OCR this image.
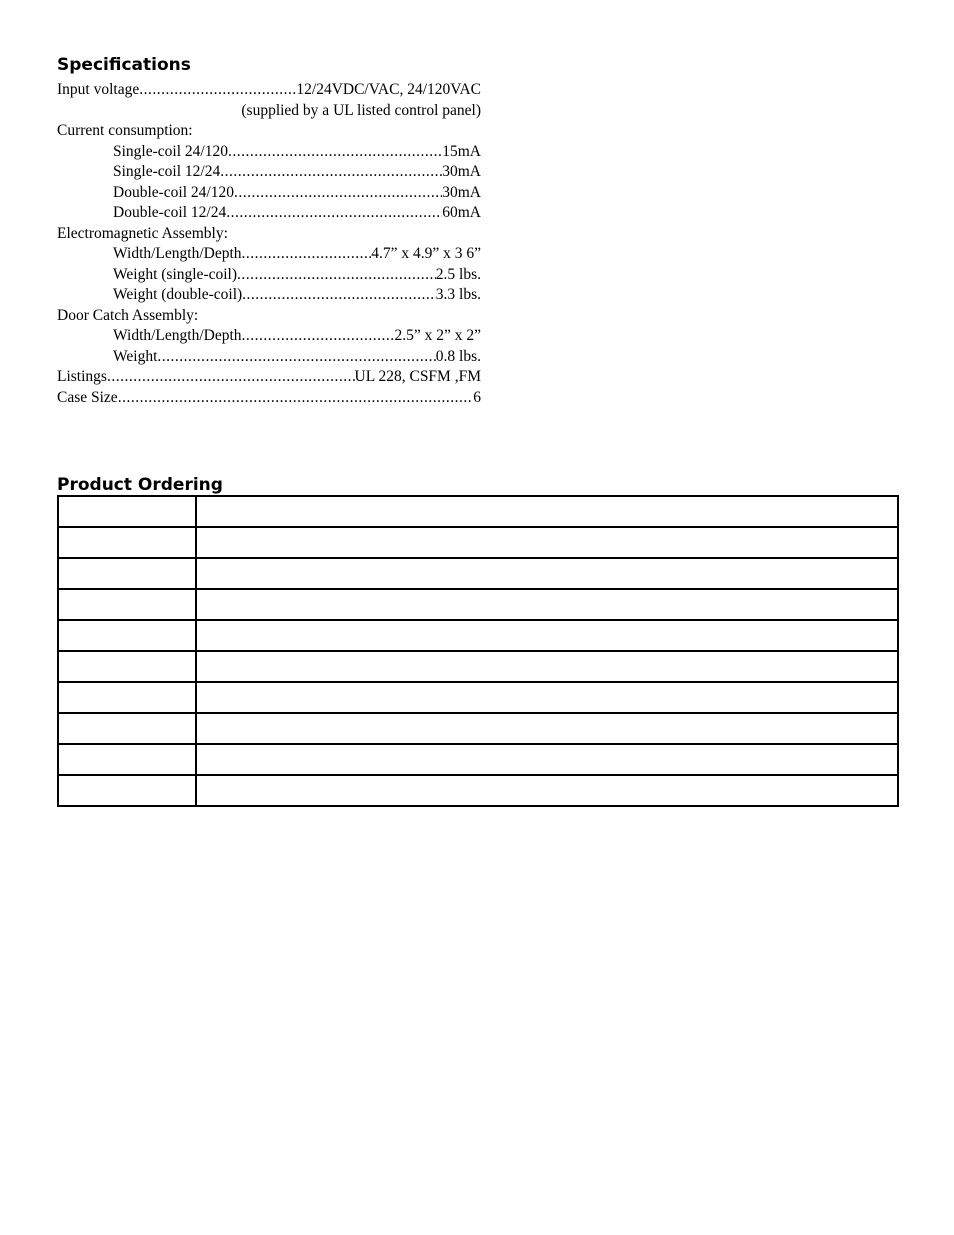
Specifications
Input voltage .....	12/24VDC/VAC, 24/120VAC
(supplied by a UL listed control panel)
Current consumption:
Single-coil 24/120 .....	15mA
Single-coil 12/24 .....	30mA
Double-coil 24/120 .....	30mA
Double-coil 12/24 .....	60mA
Electromagnetic Assembly:
Width/Length/Depth .....	4.7” x 4.9” x 3 6”
Weight (single-coil) .....	2.5 lbs.
Weight (double-coil) .....	3.3 lbs.
Door Catch Assembly:
Width/Length/Depth .....	2.5” x 2” x 2”
Weight .....	0.8 lbs.
Listings .....	UL 228, CSFM ,FM
Case Size .....	6
Product Ordering
